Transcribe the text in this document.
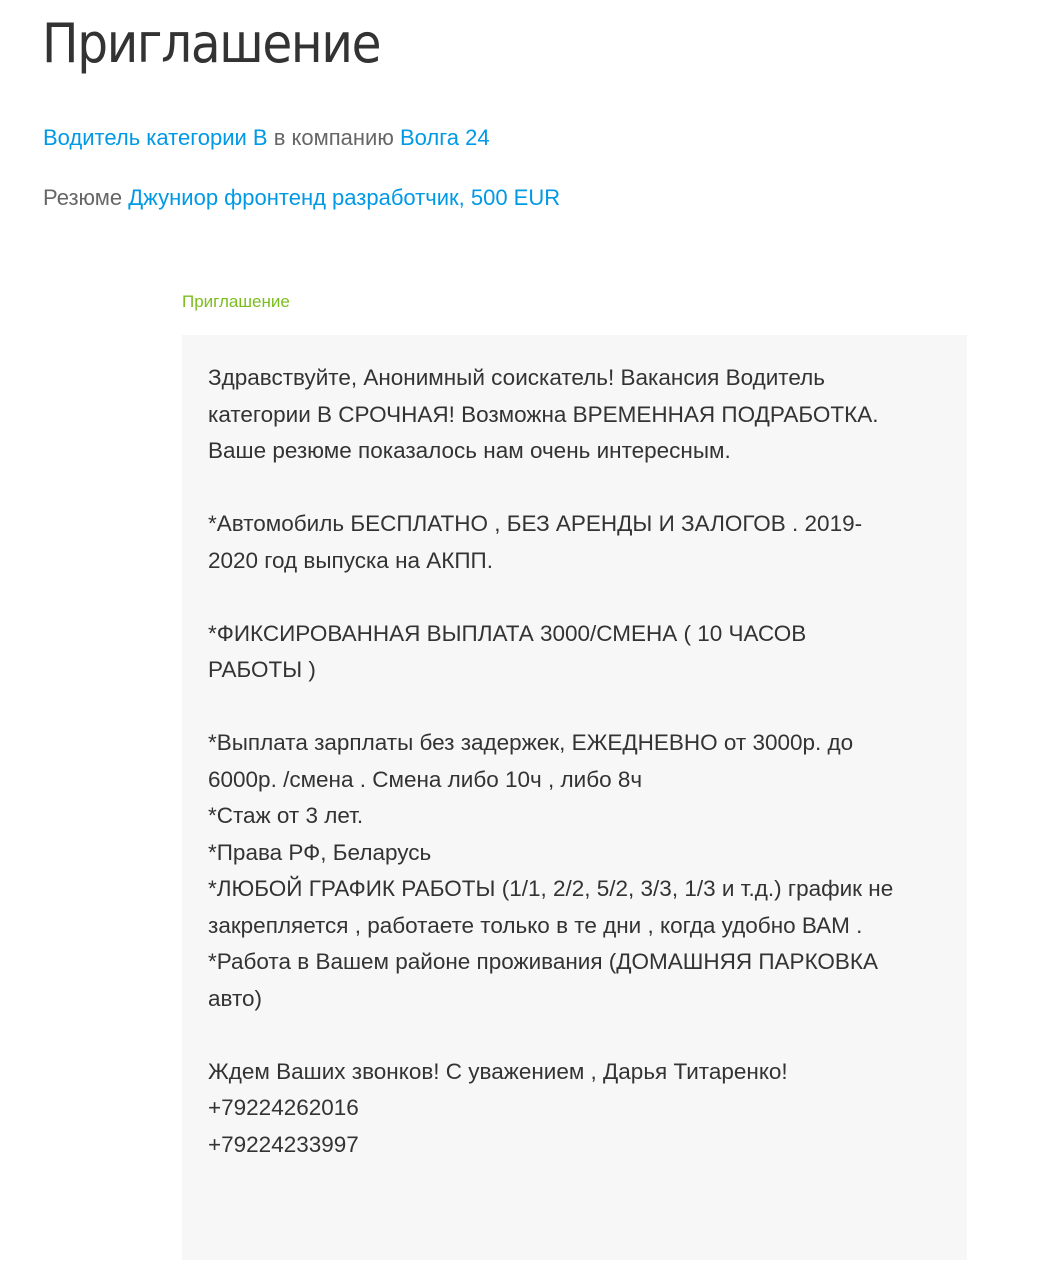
Приглашение
Водитель категории B в компанию Волга 24
Резюме Джуниор фронтенд разработчик, 500 EUR
Приглашение
Здравствуйте, Анонимный соискатель! Вакансия Водитель категории В СРОЧНАЯ! Возможна ВРЕМЕННАЯ ПОДРАБОТКА.
Ваше резюме показалось нам очень интересным.

*Автомобиль БЕСПЛАТНО , БЕЗ АРЕНДЫ И ЗАЛОГОВ . 2019-2020 год выпуска на АКПП.

*ФИКСИРОВАННАЯ ВЫПЛАТА 3000/СМЕНА ( 10 ЧАСОВ РАБОТЫ )

*Выплата зарплаты без задержек, ЕЖЕДНЕВНО от 3000р. до 6000р. /смена . Смена либо 10ч , либо 8ч
*Стаж от 3 лет.
*Права РФ, Беларусь
*ЛЮБОЙ ГРАФИК РАБОТЫ (1/1, 2/2, 5/2, 3/3, 1/3 и т.д.) график не закрепляется , работаете только в те дни , когда удобно ВАМ .
*Работа в Вашем районе проживания (ДОМАШНЯЯ ПАРКОВКА авто)

Ждем Ваших звонков! С уважением , Дарья Титаренко!
+79224262016
+79224233997
